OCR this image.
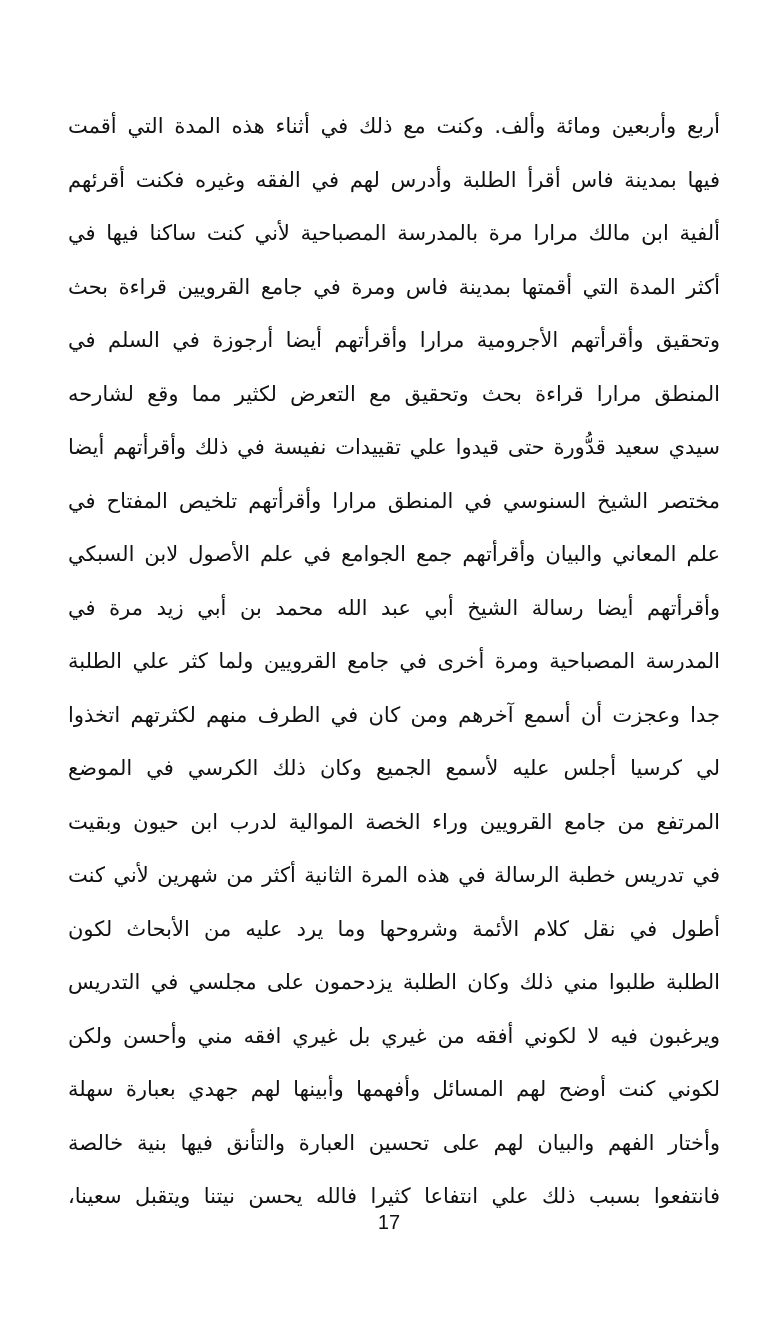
أربع وأربعين ومائة وألف. وكنت مع ذلك في أثناء هذه المدة التي أقمت
فيها بمدينة فاس أقرأ الطلبة وأدرس لهم في الفقه وغيره فكنت أقرئهم
ألفية ابن مالك مرارا مرة بالمدرسة المصباحية لأني كنت ساكنا فيها في
أكثر المدة التي أقمتها بمدينة فاس ومرة في جامع القرويين قراءة بحث
وتحقيق وأقرأتهم الأجرومية مرارا وأقرأتهم أيضا أرجوزة في السلم في
المنطق مرارا قراءة بحث وتحقيق مع التعرض لكثير مما وقع لشارحه
سيدي سعيد قدُّورة حتى قيدوا علي تقييدات نفيسة في ذلك وأقرأتهم أيضا
مختصر الشيخ السنوسي في المنطق مرارا وأقرأتهم تلخيص المفتاح في
علم المعاني والبيان وأقرأتهم جمع الجوامع في علم الأصول لابن السبكي
وأقرأتهم أيضا رسالة الشيخ أبي عبد الله محمد بن أبي زيد مرة في
المدرسة المصباحية ومرة أخرى في جامع القرويين ولما كثر علي الطلبة
جدا وعجزت أن أسمع آخرهم ومن كان في الطرف منهم لكثرتهم اتخذوا
لي كرسيا أجلس عليه لأسمع الجميع وكان ذلك الكرسي في الموضع
المرتفع من جامع القرويين وراء الخصة الموالية لدرب ابن حيون وبقيت
في تدريس خطبة الرسالة في هذه المرة الثانية أكثر من شهرين لأني كنت
أطول في نقل كلام الأئمة وشروحها وما يرد عليه من الأبحاث لكون
الطلبة طلبوا مني ذلك وكان الطلبة يزدحمون على مجلسي في التدريس
ويرغبون فيه لا لكوني أفقه من غيري بل غيري افقه مني وأحسن ولكن
لكوني كنت أوضح لهم المسائل وأفهمها وأبينها لهم جهدي بعبارة سهلة
وأختار الفهم والبيان لهم على تحسين العبارة والتأنق فيها بنية خالصة
فانتفعوا بسبب ذلك علي انتفاعا كثيرا فالله يحسن نيتنا ويتقبل سعينا،
17
